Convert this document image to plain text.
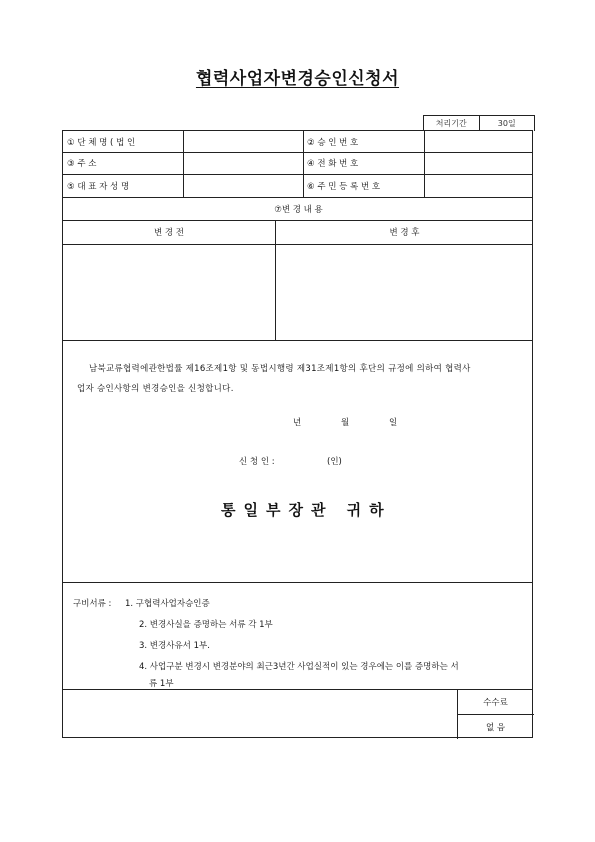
협력사업자변경승인신청서
처리기간	30일
① 단 체 명 ( 법 인	② 승 인 번 호
③ 주 소	④ 전 화 번 호
⑤ 대 표 자 성 명	⑥ 주 민 등 록 번 호
⑦변 경 내 용
변 경 전	변 경 후
남북교류협력에관한법률 제16조제1항 및 동법시행령 제31조제1항의 후단의 규정에 의하여 협력사
업자 승인사항의 변경승인을 신청합니다.
년	월	일
신 청 인 :	(인)
통일부장관 귀하
구비서류 : 1. 구협력사업자승인증
2. 변경사실을 증명하는 서류 각 1부
3. 변경사유서 1부.
4. 사업구분 변경시 변경분야의 최근3년간 사업실적이 있는 경우에는 이를 증명하는 서
류 1부
수수료
없 음
